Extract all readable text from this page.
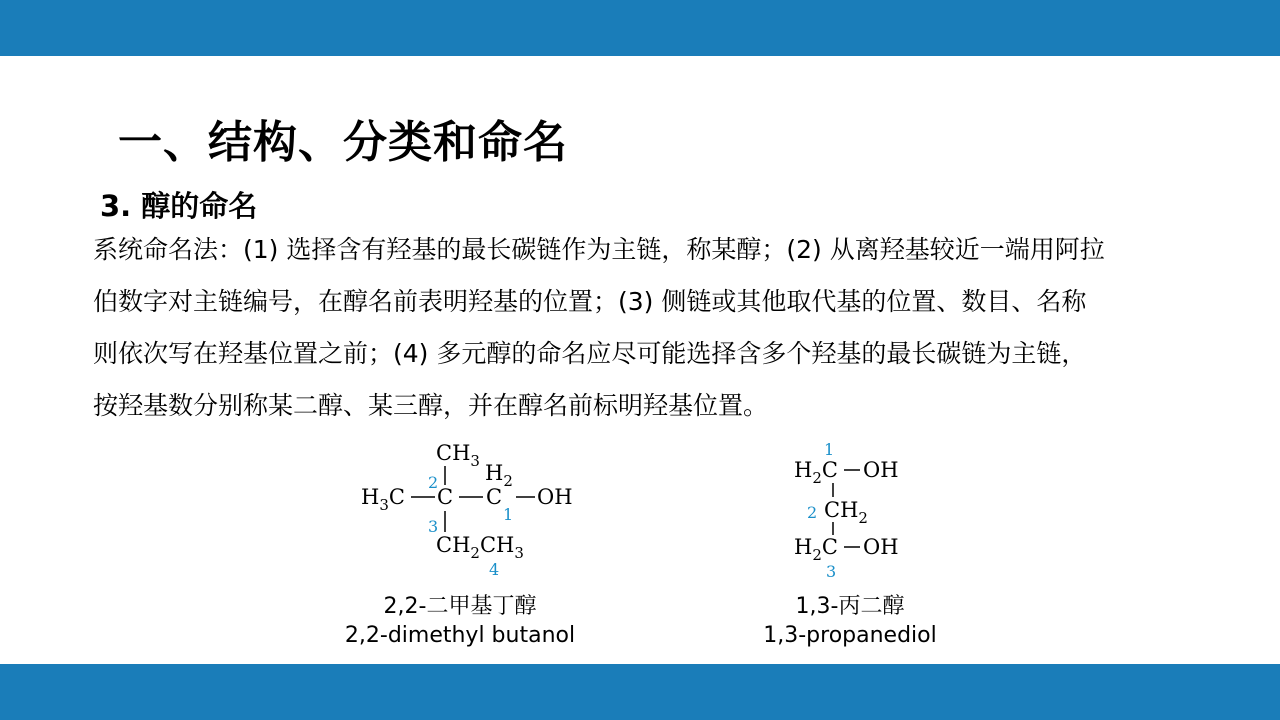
一、结构、分类和命名
3. 醇的命名
系统命名法：(1) 选择含有羟基的最长碳链作为主链，称某醇；(2) 从离羟基较近一端用阿拉
伯数字对主链编号，在醇名前表明羟基的位置；(3) 侧链或其他取代基的位置、数目、名称
则依次写在羟基位置之前；(4) 多元醇的命名应尽可能选择含多个羟基的最长碳链为主链，
按羟基数分别称某二醇、某三醇，并在醇名前标明羟基位置。
$CH_3$ $H_2$
$H_3C$ C C OH
$CH_2CH_3$
2
3
1
4
2,2-二甲基丁醇
2,2-dimethyl butanol
1
2
3
$H_2C$ OH
$CH_2$
$H_2C$ OH
1,3-丙二醇
1,3-propanediol
